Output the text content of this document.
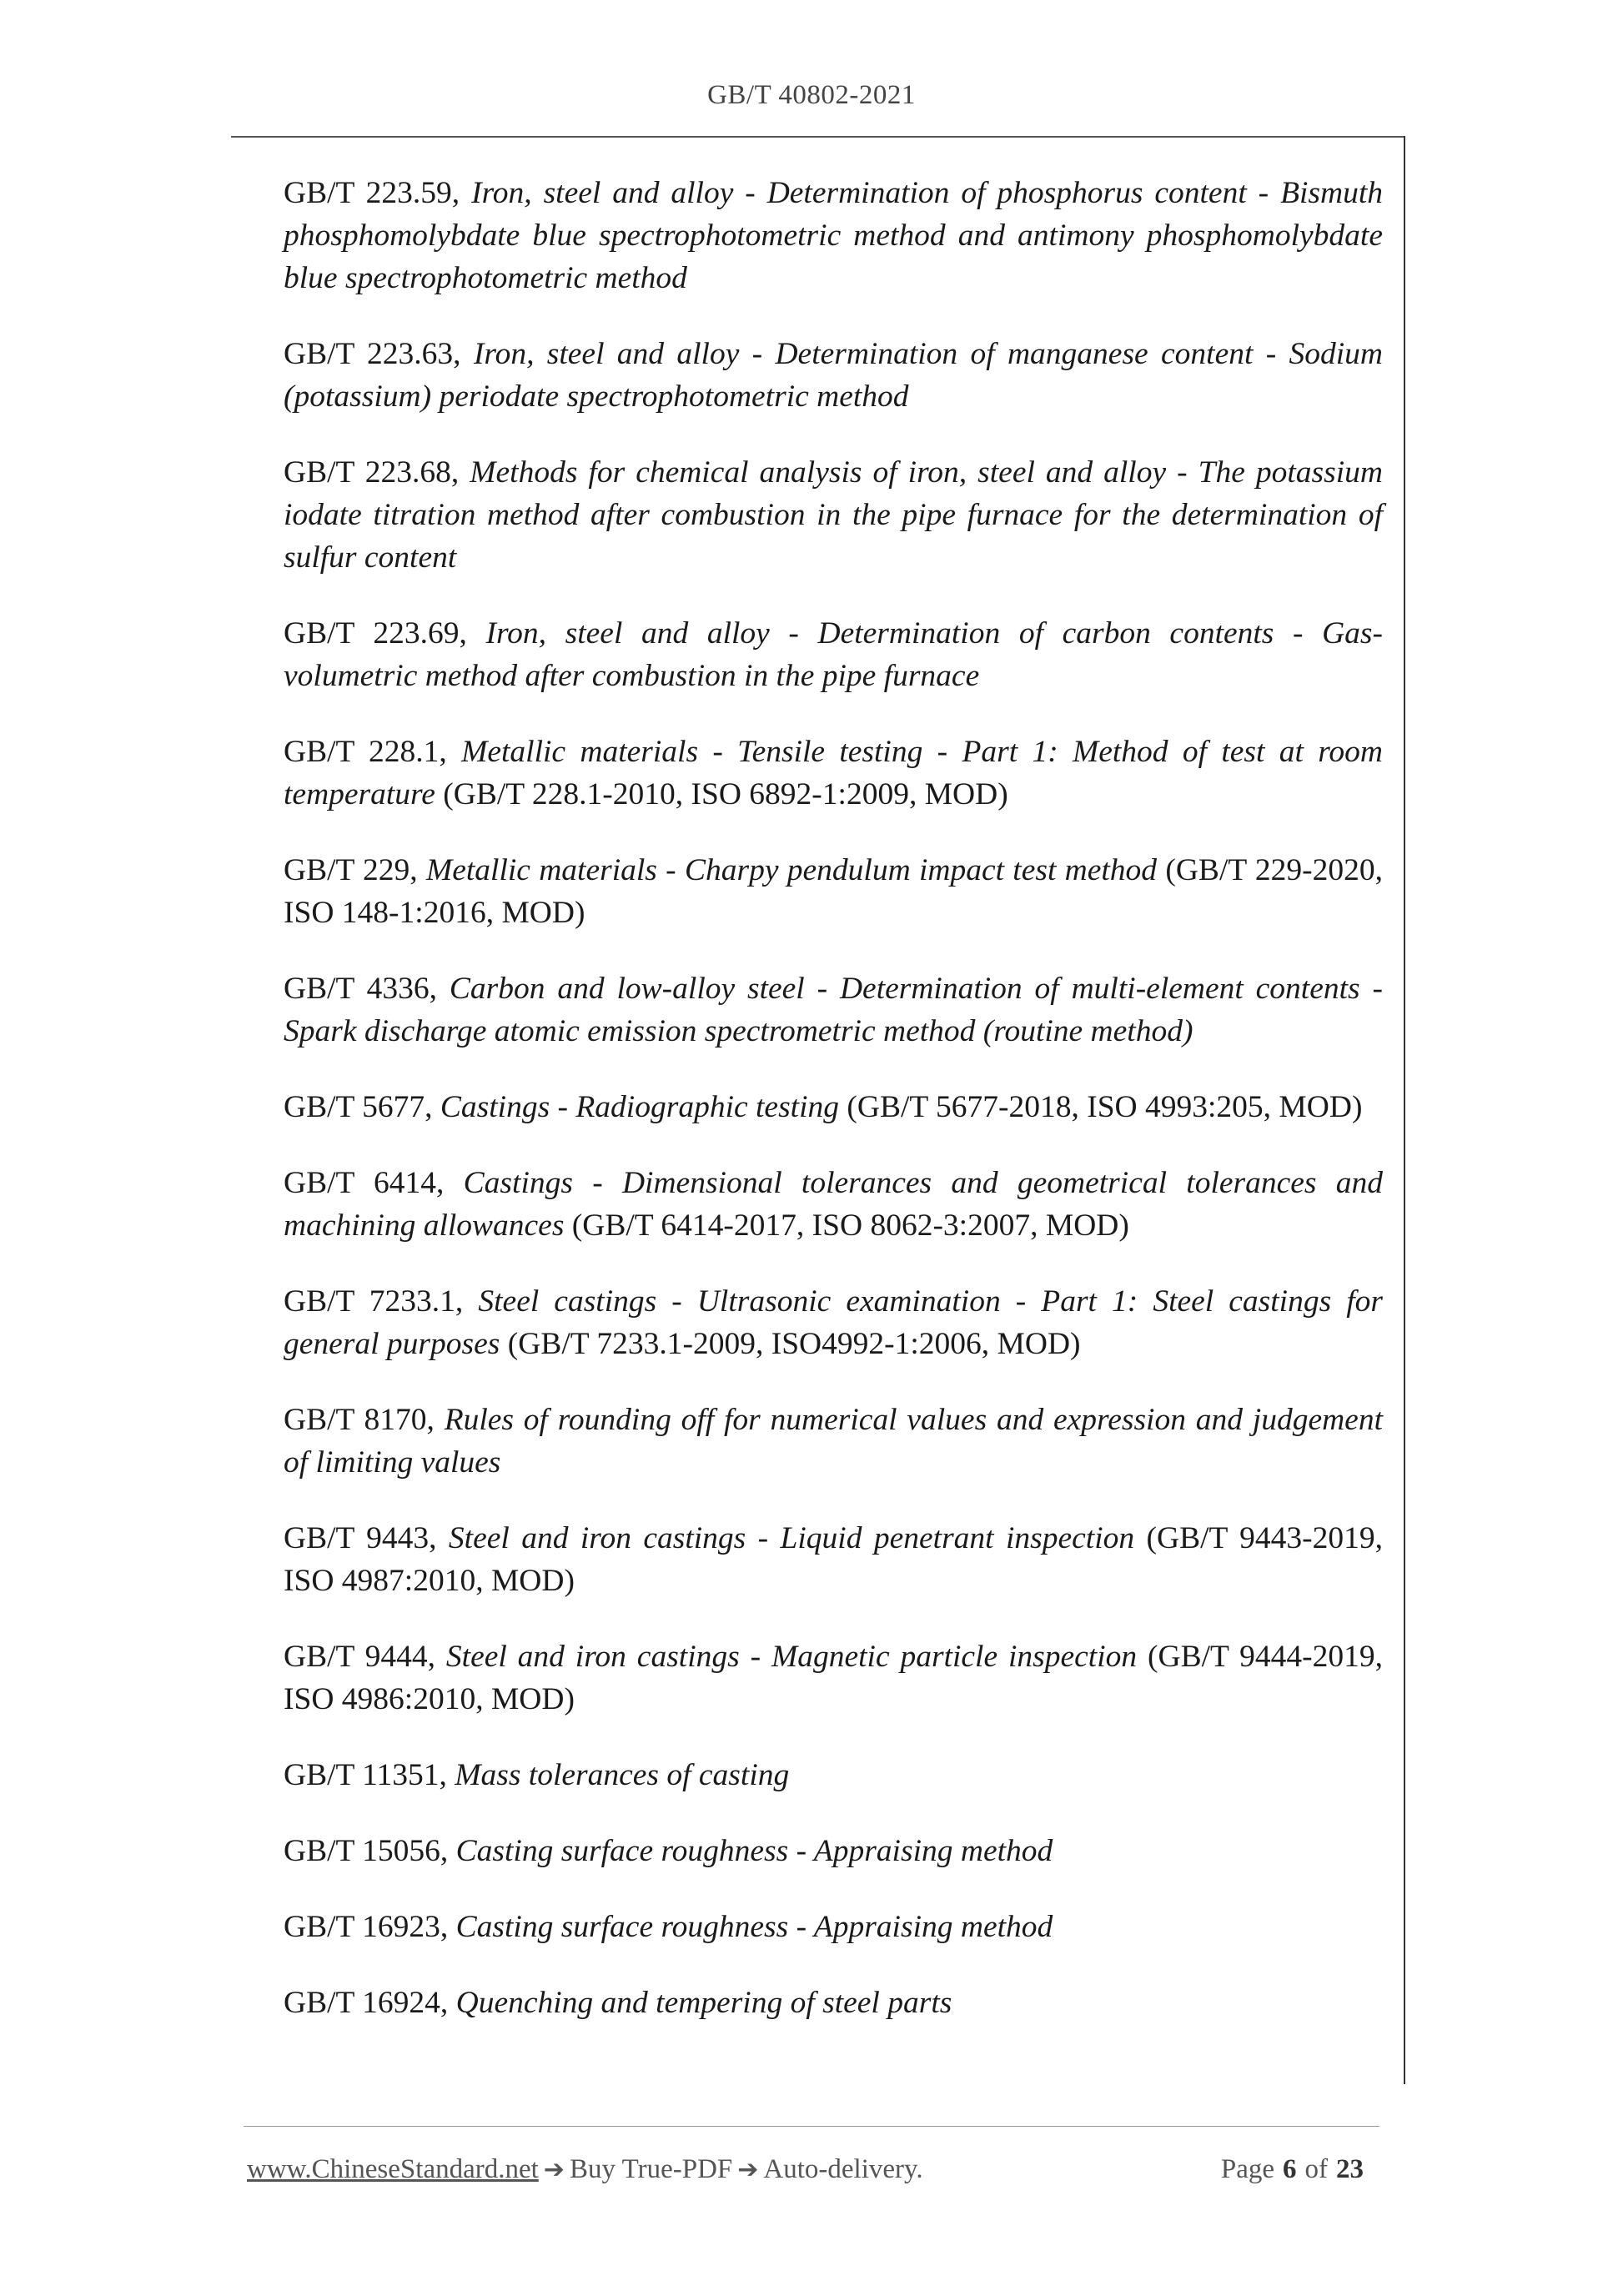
GB/T 40802-2021

GB/T 223.59, Iron, steel and alloy - Determination of phosphorus content - Bismuth phosphomolybdate blue spectrophotometric method and antimony phosphomolybdate blue spectrophotometric method

GB/T 223.63, Iron, steel and alloy - Determination of manganese content - Sodium (potassium) periodate spectrophotometric method

GB/T 223.68, Methods for chemical analysis of iron, steel and alloy - The potassium iodate titration method after combustion in the pipe furnace for the determination of sulfur content

GB/T 223.69, Iron, steel and alloy - Determination of carbon contents - Gas-volumetric method after combustion in the pipe furnace

GB/T 228.1, Metallic materials - Tensile testing - Part 1: Method of test at room temperature (GB/T 228.1-2010, ISO 6892-1:2009, MOD)

GB/T 229, Metallic materials - Charpy pendulum impact test method (GB/T 229-2020, ISO 148-1:2016, MOD)

GB/T 4336, Carbon and low-alloy steel - Determination of multi-element contents - Spark discharge atomic emission spectrometric method (routine method)

GB/T 5677, Castings - Radiographic testing (GB/T 5677-2018, ISO 4993:205, MOD)

GB/T 6414, Castings - Dimensional tolerances and geometrical tolerances and machining allowances (GB/T 6414-2017, ISO 8062-3:2007, MOD)

GB/T 7233.1, Steel castings - Ultrasonic examination - Part 1: Steel castings for general purposes (GB/T 7233.1-2009, ISO4992-1:2006, MOD)

GB/T 8170, Rules of rounding off for numerical values and expression and judgement of limiting values

GB/T 9443, Steel and iron castings - Liquid penetrant inspection (GB/T 9443-2019, ISO 4987:2010, MOD)

GB/T 9444, Steel and iron castings - Magnetic particle inspection (GB/T 9444-2019, ISO 4986:2010, MOD)

GB/T 11351, Mass tolerances of casting

GB/T 15056, Casting surface roughness - Appraising method

GB/T 16923, Casting surface roughness - Appraising method

GB/T 16924, Quenching and tempering of steel parts

www.ChineseStandard.net ➔ Buy True-PDF ➔ Auto-delivery.	Page 6 of 23
